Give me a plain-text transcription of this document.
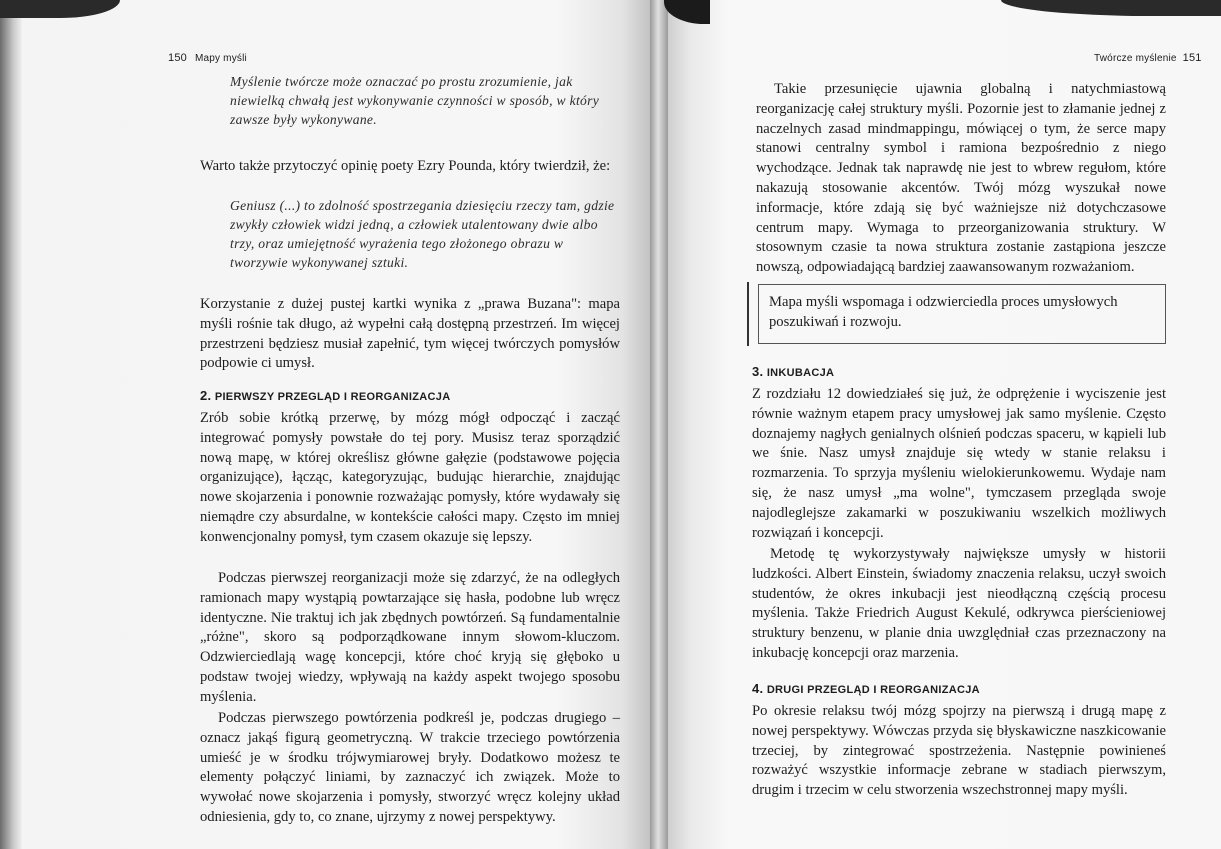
150 Mapy myśli

Myślenie twórcze może oznaczać po prostu zrozumienie, jak niewielką chwałą jest wykonywanie czynności w sposób, w który zawsze były wykonywane.

Warto także przytoczyć opinię poety Ezry Pounda, który twierdził, że:

Geniusz (...) to zdolność spostrzegania dziesięciu rzeczy tam, gdzie zwykły człowiek widzi jedną, a człowiek utalentowany dwie albo trzy, oraz umiejętność wyrażenia tego złożonego obrazu w tworzywie wykonywanej sztuki.

Korzystanie z dużej pustej kartki wynika z „prawa Buzana": mapa myśli rośnie tak długo, aż wypełni całą dostępną przestrzeń. Im więcej przestrzeni będziesz musiał zapełnić, tym więcej twórczych pomysłów podpowie ci umysł.

2. PIERWSZY PRZEGLĄD I REORGANIZACJA

Zrób sobie krótką przerwę, by mózg mógł odpocząć i zacząć integrować pomysły powstałe do tej pory. Musisz teraz sporządzić nową mapę, w której określisz główne gałęzie (podstawowe pojęcia organizujące), łącząc, kategoryzując, budując hierarchie, znajdując nowe skojarzenia i ponownie rozważając pomysły, które wydawały się niemądre czy absurdalne, w kontekście całości mapy. Często im mniej konwencjonalny pomysł, tym czasem okazuje się lepszy.

Podczas pierwszej reorganizacji może się zdarzyć, że na odległych ramionach mapy wystąpią powtarzające się hasła, podobne lub wręcz identyczne. Nie traktuj ich jak zbędnych powtórzeń. Są fundamentalnie „różne", skoro są podporządkowane innym słowom-kluczom. Odzwierciedlają wagę koncepcji, które choć kryją się głęboko u podstaw twojej wiedzy, wpływają na każdy aspekt twojego sposobu myślenia.

Podczas pierwszego powtórzenia podkreśl je, podczas drugiego – oznacz jakąś figurą geometryczną. W trakcie trzeciego powtórzenia umieść je w środku trójwymiarowej bryły. Dodatkowo możesz te elementy połączyć liniami, by zaznaczyć ich związek. Może to wywołać nowe skojarzenia i pomysły, stworzyć wręcz kolejny układ odniesienia, gdy to, co znane, ujrzymy z nowej perspektywy.

Twórcze myślenie 151

Takie przesunięcie ujawnia globalną i natychmiastową reorganizację całej struktury myśli. Pozornie jest to złamanie jednej z naczelnych zasad mindmappingu, mówiącej o tym, że serce mapy stanowi centralny symbol i ramiona bezpośrednio z niego wychodzące. Jednak tak naprawdę nie jest to wbrew regułom, które nakazują stosowanie akcentów. Twój mózg wyszukał nowe informacje, które zdają się być ważniejsze niż dotychczasowe centrum mapy. Wymaga to przeorganizowania struktury. W stosownym czasie ta nowa struktura zostanie zastąpiona jeszcze nowszą, odpowiadającą bardziej zaawansowanym rozważaniom.

Mapa myśli wspomaga i odzwierciedla proces umysłowych poszukiwań i rozwoju.
3. INKUBACJA

Z rozdziału 12 dowiedziałeś się już, że odprężenie i wyciszenie jest równie ważnym etapem pracy umysłowej jak samo myślenie. Często doznajemy nagłych genialnych olśnień podczas spaceru, w kąpieli lub we śnie. Nasz umysł znajduje się wtedy w stanie relaksu i rozmarzenia. To sprzyja myśleniu wielokierunkowemu. Wydaje nam się, że nasz umysł „ma wolne", tymczasem przegląda swoje najodleglejsze zakamarki w poszukiwaniu wszelkich możliwych rozwiązań i koncepcji.

Metodę tę wykorzystywały największe umysły w historii ludzkości. Albert Einstein, świadomy znaczenia relaksu, uczył swoich studentów, że okres inkubacji jest nieodłączną częścią procesu myślenia. Także Friedrich August Kekulé, odkrywca pierścieniowej struktury benzenu, w planie dnia uwzględniał czas przeznaczony na inkubację koncepcji oraz marzenia.

4. DRUGI PRZEGLĄD I REORGANIZACJA

Po okresie relaksu twój mózg spojrzy na pierwszą i drugą mapę z nowej perspektywy. Wówczas przyda się błyskawiczne naszkicowanie trzeciej, by zintegrować spostrzeżenia. Następnie powinieneś rozważyć wszystkie informacje zebrane w stadiach pierwszym, drugim i trzecim w celu stworzenia wszechstronnej mapy myśli.
